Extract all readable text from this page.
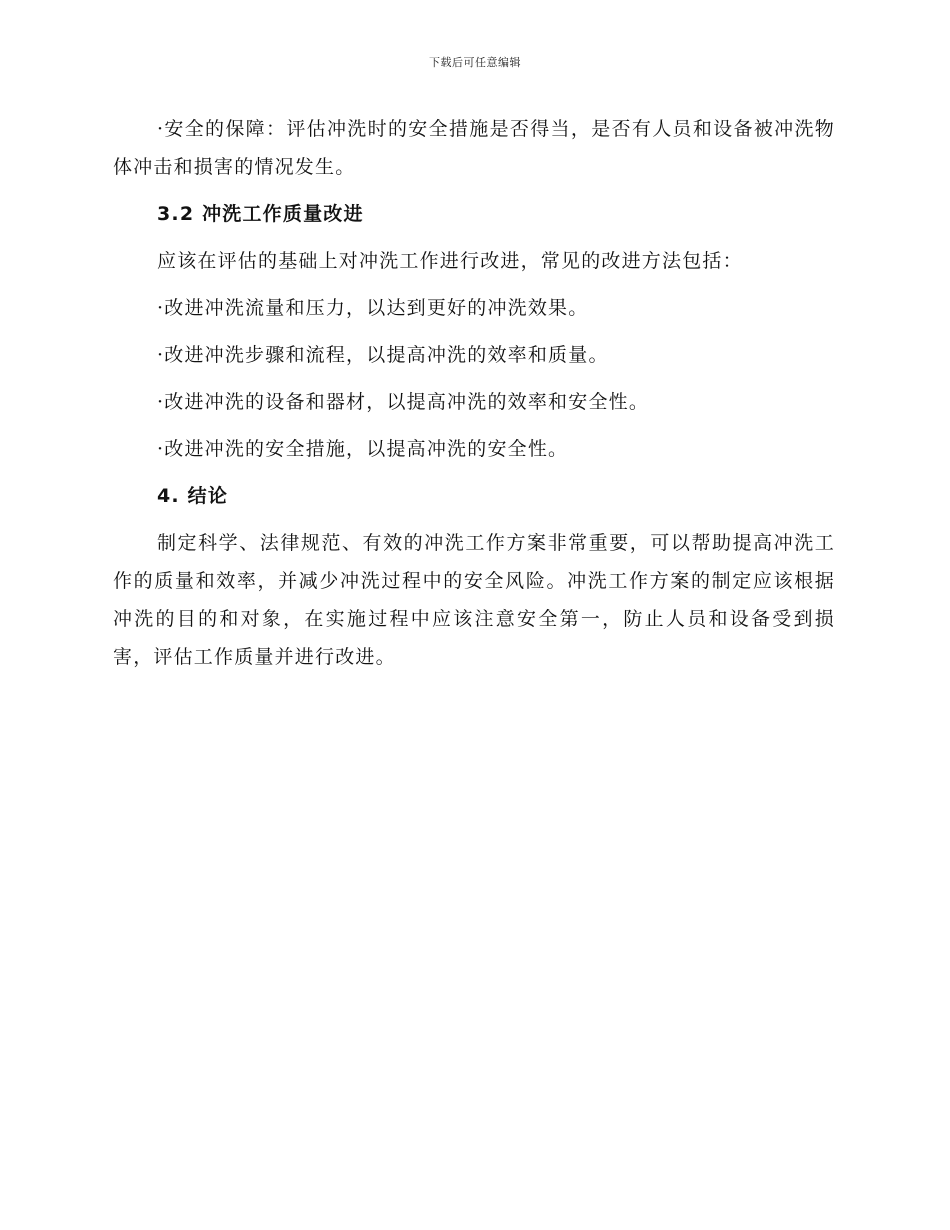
下载后可任意编辑

·安全的保障：评估冲洗时的安全措施是否得当，是否有人员和设备被冲洗物体冲击和损害的情况发生。

3.2 冲洗工作质量改进

应该在评估的基础上对冲洗工作进行改进，常见的改进方法包括：

·改进冲洗流量和压力，以达到更好的冲洗效果。
·改进冲洗步骤和流程，以提高冲洗的效率和质量。
·改进冲洗的设备和器材，以提高冲洗的效率和安全性。
·改进冲洗的安全措施，以提高冲洗的安全性。
4. 结论

制定科学、法律规范、有效的冲洗工作方案非常重要，可以帮助提高冲洗工作的质量和效率，并减少冲洗过程中的安全风险。冲洗工作方案的制定应该根据冲洗的目的和对象，在实施过程中应该注意安全第一，防止人员和设备受到损害，评估工作质量并进行改进。
